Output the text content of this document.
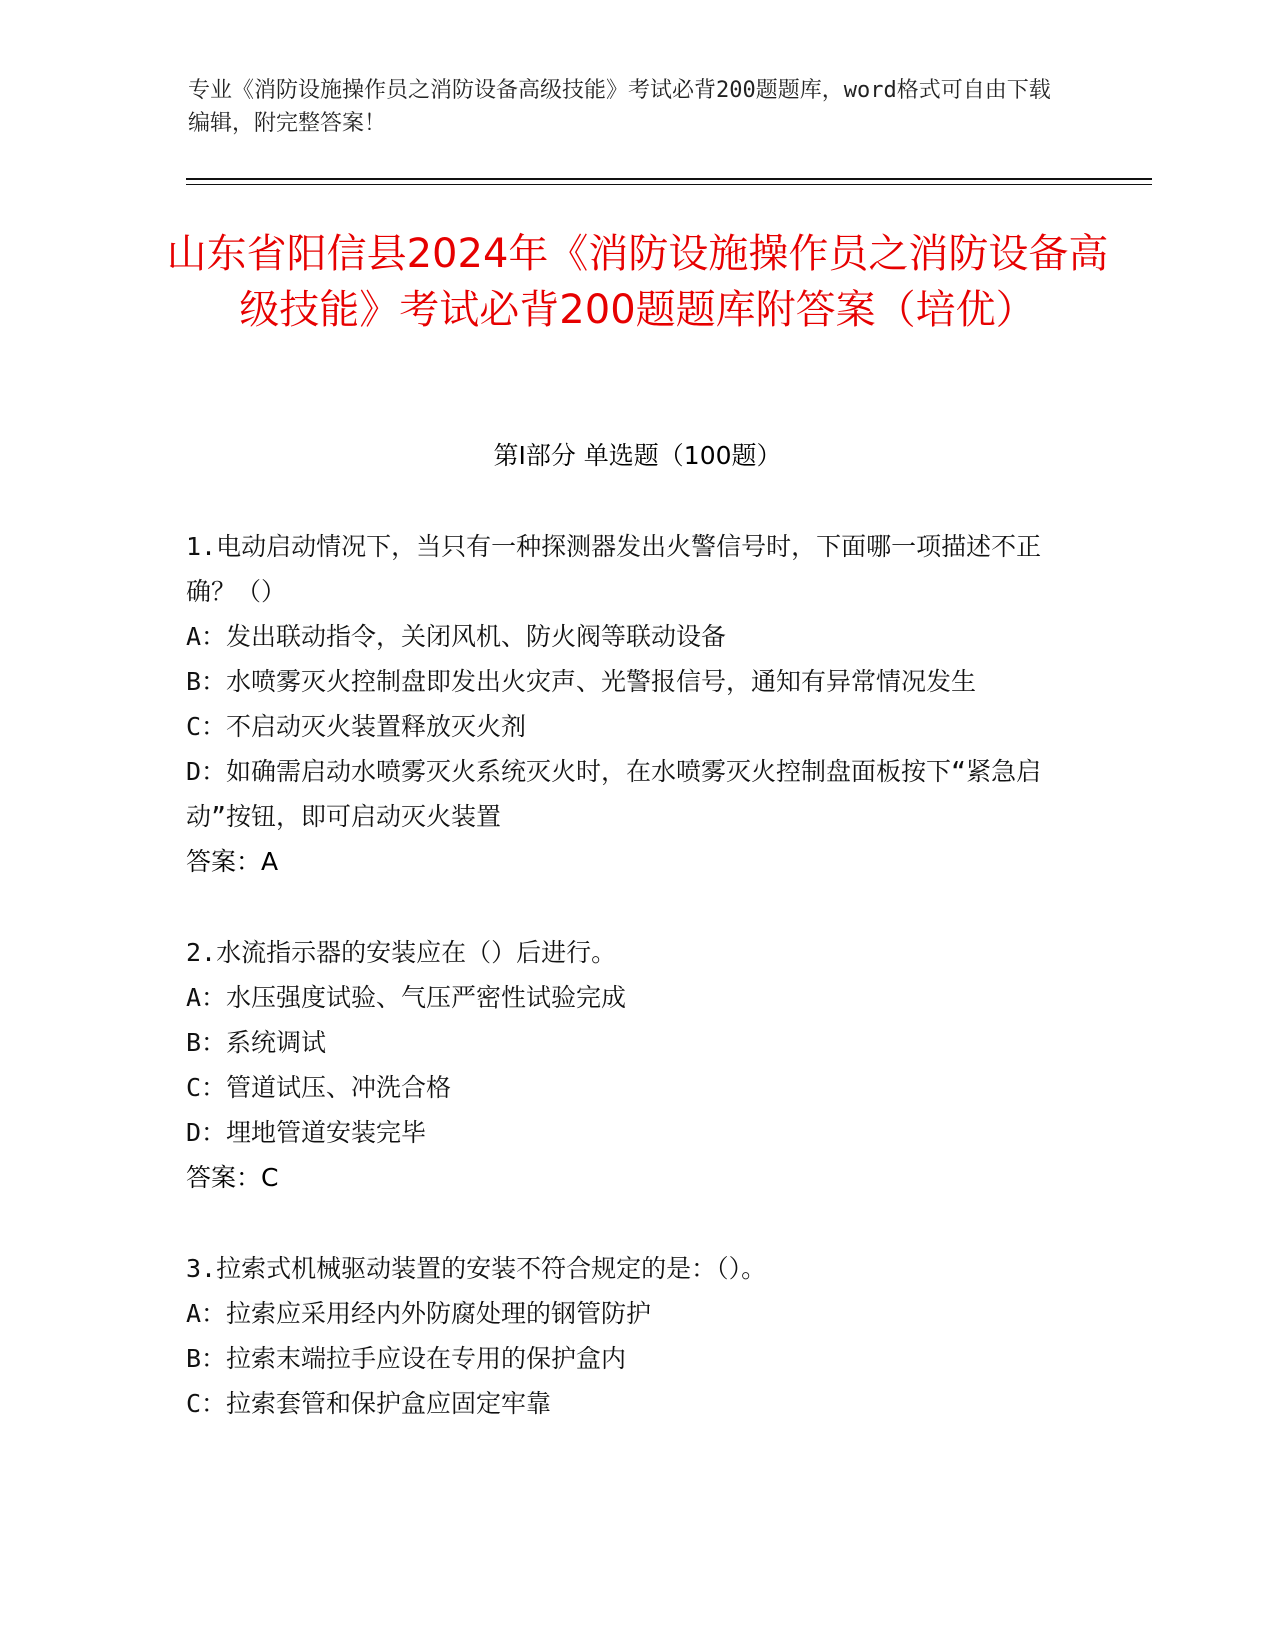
专业《消防设施操作员之消防设备高级技能》考试必背200题题库，word格式可自由下载编辑，附完整答案！
山东省阳信县2024年《消防设施操作员之消防设备高级技能》考试必背200题题库附答案（培优）
第Ⅰ部分 单选题（100题）

1.电动启动情况下，当只有一种探测器发出火警信号时，下面哪一项描述不正确？（）

A：发出联动指令，关闭风机、防火阀等联动设备

B：水喷雾灭火控制盘即发出火灾声、光警报信号，通知有异常情况发生

C：不启动灭火装置释放灭火剂

D：如确需启动水喷雾灭火系统灭火时，在水喷雾灭火控制盘面板按下“紧急启动”按钮，即可启动灭火装置

答案：A

2.水流指示器的安装应在（）后进行。

A：水压强度试验、气压严密性试验完成

B：系统调试

C：管道试压、冲洗合格

D：埋地管道安装完毕

答案：C

3.拉索式机械驱动装置的安装不符合规定的是：（）。

A：拉索应采用经内外防腐处理的钢管防护

B：拉索末端拉手应设在专用的保护盒内

C：拉索套管和保护盒应固定牢靠
